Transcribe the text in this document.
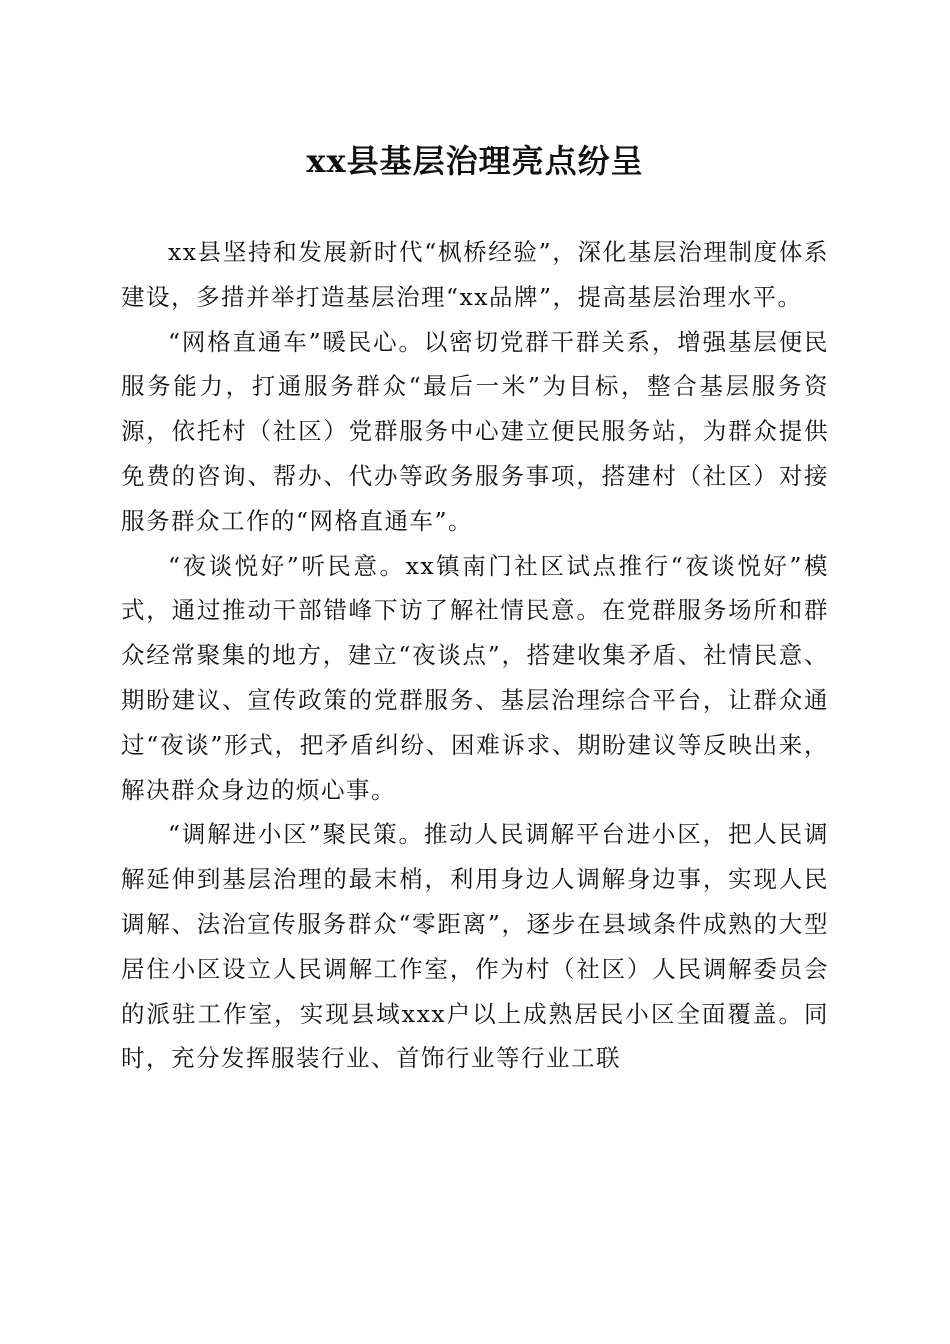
xx县基层治理亮点纷呈

xx县坚持和发展新时代“枫桥经验”，深化基层治理制度体系建设，多措并举打造基层治理“xx品牌”，提高基层治理水平。

“网格直通车”暖民心。以密切党群干群关系，增强基层便民服务能力，打通服务群众“最后一米”为目标，整合基层服务资源，依托村（社区）党群服务中心建立便民服务站，为群众提供免费的咨询、帮办、代办等政务服务事项，搭建村（社区）对接服务群众工作的“网格直通车”。

“夜谈悦好”听民意。xx镇南门社区试点推行“夜谈悦好”模式，通过推动干部错峰下访了解社情民意。在党群服务场所和群众经常聚集的地方，建立“夜谈点”，搭建收集矛盾、社情民意、期盼建议、宣传政策的党群服务、基层治理综合平台，让群众通过“夜谈”形式，把矛盾纠纷、困难诉求、期盼建议等反映出来，解决群众身边的烦心事。

“调解进小区”聚民策。推动人民调解平台进小区，把人民调解延伸到基层治理的最末梢，利用身边人调解身边事，实现人民调解、法治宣传服务群众“零距离”，逐步在县域条件成熟的大型居住小区设立人民调解工作室，作为村（社区）人民调解委员会的派驻工作室，实现县域xxx户以上成熟居民小区全面覆盖。同时，充分发挥服装行业、首饰行业等行业工联
